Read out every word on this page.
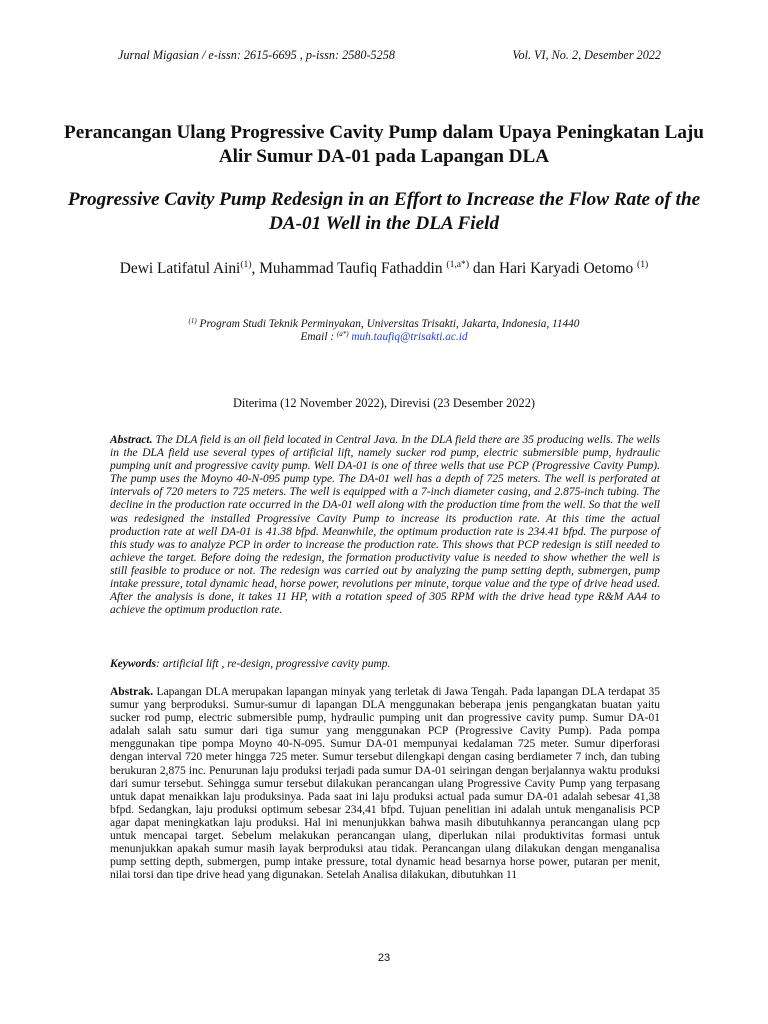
Jurnal Migasian / e-issn: 2615-6695 , p-issn: 2580-5258	Vol. VI, No. 2, Desember 2022
Perancangan Ulang Progressive Cavity Pump dalam Upaya Peningkatan Laju Alir Sumur DA-01 pada Lapangan DLA
Progressive Cavity Pump Redesign in an Effort to Increase the Flow Rate of the DA-01 Well in the DLA Field
Dewi Latifatul Aini$^{(1)}$, Muhammad Taufiq Fathaddin $^{(1,a*)}$ dan Hari Karyadi Oetomo $^{(1)}$
$^{(1)}$ Program Studi Teknik Perminyakan, Universitas Trisakti, Jakarta, Indonesia, 11440
Email : $^{(a*)}$ muh.taufiq@trisakti.ac.id
Diterima (12 November 2022), Direvisi (23 Desember 2022)

Abstract. The DLA field is an oil field located in Central Java. In the DLA field there are 35 producing wells. The wells in the DLA field use several types of artificial lift, namely sucker rod pump, electric submersible pump, hydraulic pumping unit and progressive cavity pump. Well DA-01 is one of three wells that use PCP (Progressive Cavity Pump). The pump uses the Moyno 40-N-095 pump type. The DA-01 well has a depth of 725 meters. The well is perforated at intervals of 720 meters to 725 meters. The well is equipped with a 7-inch diameter casing, and 2.875-inch tubing. The decline in the production rate occurred in the DA-01 well along with the production time from the well. So that the well was redesigned the installed Progressive Cavity Pump to increase its production rate. At this time the actual production rate at well DA-01 is 41.38 bfpd. Meanwhile, the optimum production rate is 234.41 bfpd. The purpose of this study was to analyze PCP in order to increase the production rate. This shows that PCP redesign is still needed to achieve the target. Before doing the redesign, the formation productivity value is needed to show whether the well is still feasible to produce or not. The redesign was carried out by analyzing the pump setting depth, submergen, pump intake pressure, total dynamic head, horse power, revolutions per minute, torque value and the type of drive head used. After the analysis is done, it takes 11 HP, with a rotation speed of 305 RPM with the drive head type R&M AA4 to achieve the optimum production rate.

Keywords: artificial lift , re-design, progressive cavity pump.

Abstrak. Lapangan DLA merupakan lapangan minyak yang terletak di Jawa Tengah. Pada lapangan DLA terdapat 35 sumur yang berproduksi. Sumur-sumur di lapangan DLA menggunakan beberapa jenis pengangkatan buatan yaitu sucker rod pump, electric submersible pump, hydraulic pumping unit dan progressive cavity pump. Sumur DA-01 adalah salah satu sumur dari tiga sumur yang menggunakan PCP (Progressive Cavity Pump). Pada pompa menggunakan tipe pompa Moyno 40-N-095. Sumur DA-01 mempunyai kedalaman 725 meter. Sumur diperforasi dengan interval 720 meter hingga 725 meter. Sumur tersebut dilengkapi dengan casing berdiameter 7 inch, dan tubing berukuran 2,875 inc. Penurunan laju produksi terjadi pada sumur DA-01 seiringan dengan berjalannya waktu produksi dari sumur tersebut. Sehingga sumur tersebut dilakukan perancangan ulang Progressive Cavity Pump yang terpasang untuk dapat menaikkan laju produksinya. Pada saat ini laju produksi actual pada sumur DA-01 adalah sebesar 41,38 bfpd. Sedangkan, laju produksi optimum sebesar 234,41 bfpd. Tujuan penelitian ini adalah untuk menganalisis PCP agar dapat meningkatkan laju produksi. Hal ini menunjukkan bahwa masih dibutuhkannya perancangan ulang pcp untuk mencapai target. Sebelum melakukan perancangan ulang, diperlukan nilai produktivitas formasi untuk menunjukkan apakah sumur masih layak berproduksi atau tidak. Perancangan ulang dilakukan dengan menganalisa pump setting depth, submergen, pump intake pressure, total dynamic head besarnya horse power, putaran per menit, nilai torsi dan tipe drive head yang digunakan. Setelah Analisa dilakukan, dibutuhkan 11

23
